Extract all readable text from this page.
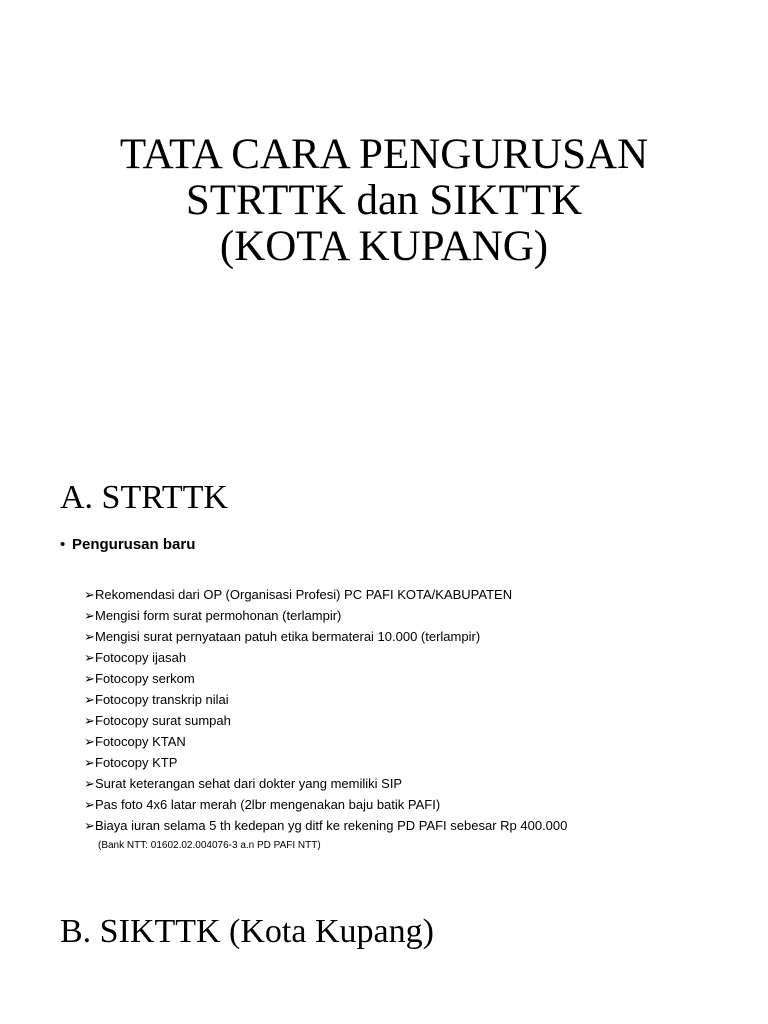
TATA CARA PENGURUSAN
STRTTK dan SIKTTK
(KOTA KUPANG)
A. STRTTK
• Pengurusan baru
➢Rekomendasi dari OP (Organisasi Profesi) PC PAFI KOTA/KABUPATEN
➢Mengisi form surat permohonan (terlampir)
➢Mengisi surat pernyataan patuh etika bermaterai 10.000 (terlampir)
➢Fotocopy ijasah
➢Fotocopy serkom
➢Fotocopy transkrip nilai
➢Fotocopy surat sumpah
➢Fotocopy KTAN
➢Fotocopy KTP
➢Surat keterangan sehat dari dokter yang memiliki SIP
➢Pas foto 4x6 latar merah (2lbr mengenakan baju batik PAFI)
➢Biaya iuran selama 5 th kedepan yg ditf ke rekening PD PAFI sebesar Rp 400.000
(Bank NTT: 01602.02.004076-3 a.n PD PAFI NTT)
B. SIKTTK (Kota Kupang)
